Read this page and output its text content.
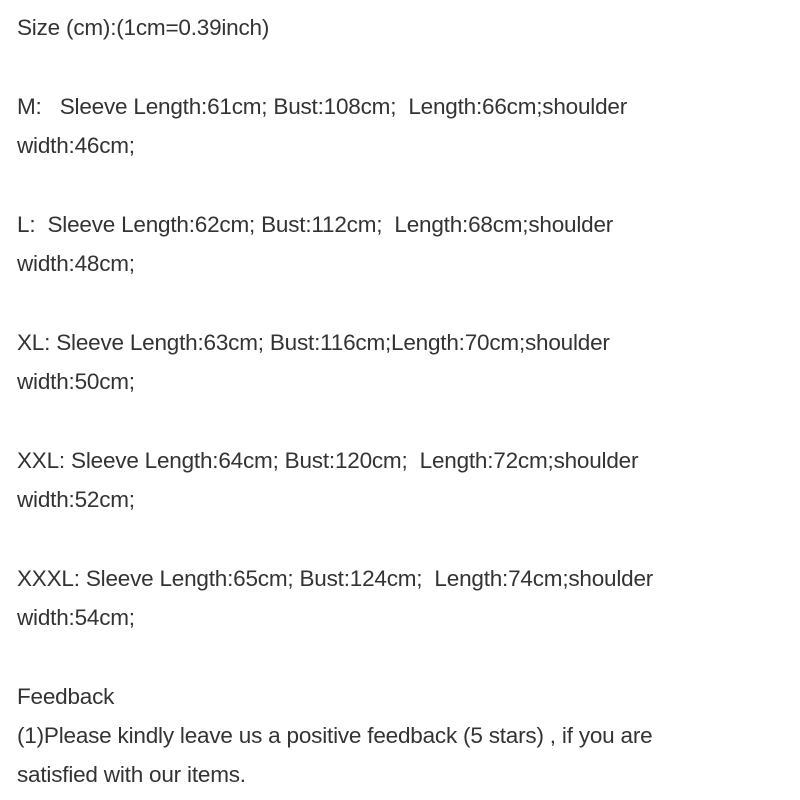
Size (cm):(1cm=0.39inch)
M:   Sleeve Length:61cm; Bust:108cm;  Length:66cm;shoulder
width:46cm;
L:  Sleeve Length:62cm; Bust:112cm;  Length:68cm;shoulder
width:48cm;
XL: Sleeve Length:63cm; Bust:116cm;Length:70cm;shoulder
width:50cm;
XXL: Sleeve Length:64cm; Bust:120cm;  Length:72cm;shoulder
width:52cm;
XXXL: Sleeve Length:65cm; Bust:124cm;  Length:74cm;shoulder
width:54cm;
Feedback
(1)Please kindly leave us a positive feedback (5 stars) , if you are
satisfied with our items.
